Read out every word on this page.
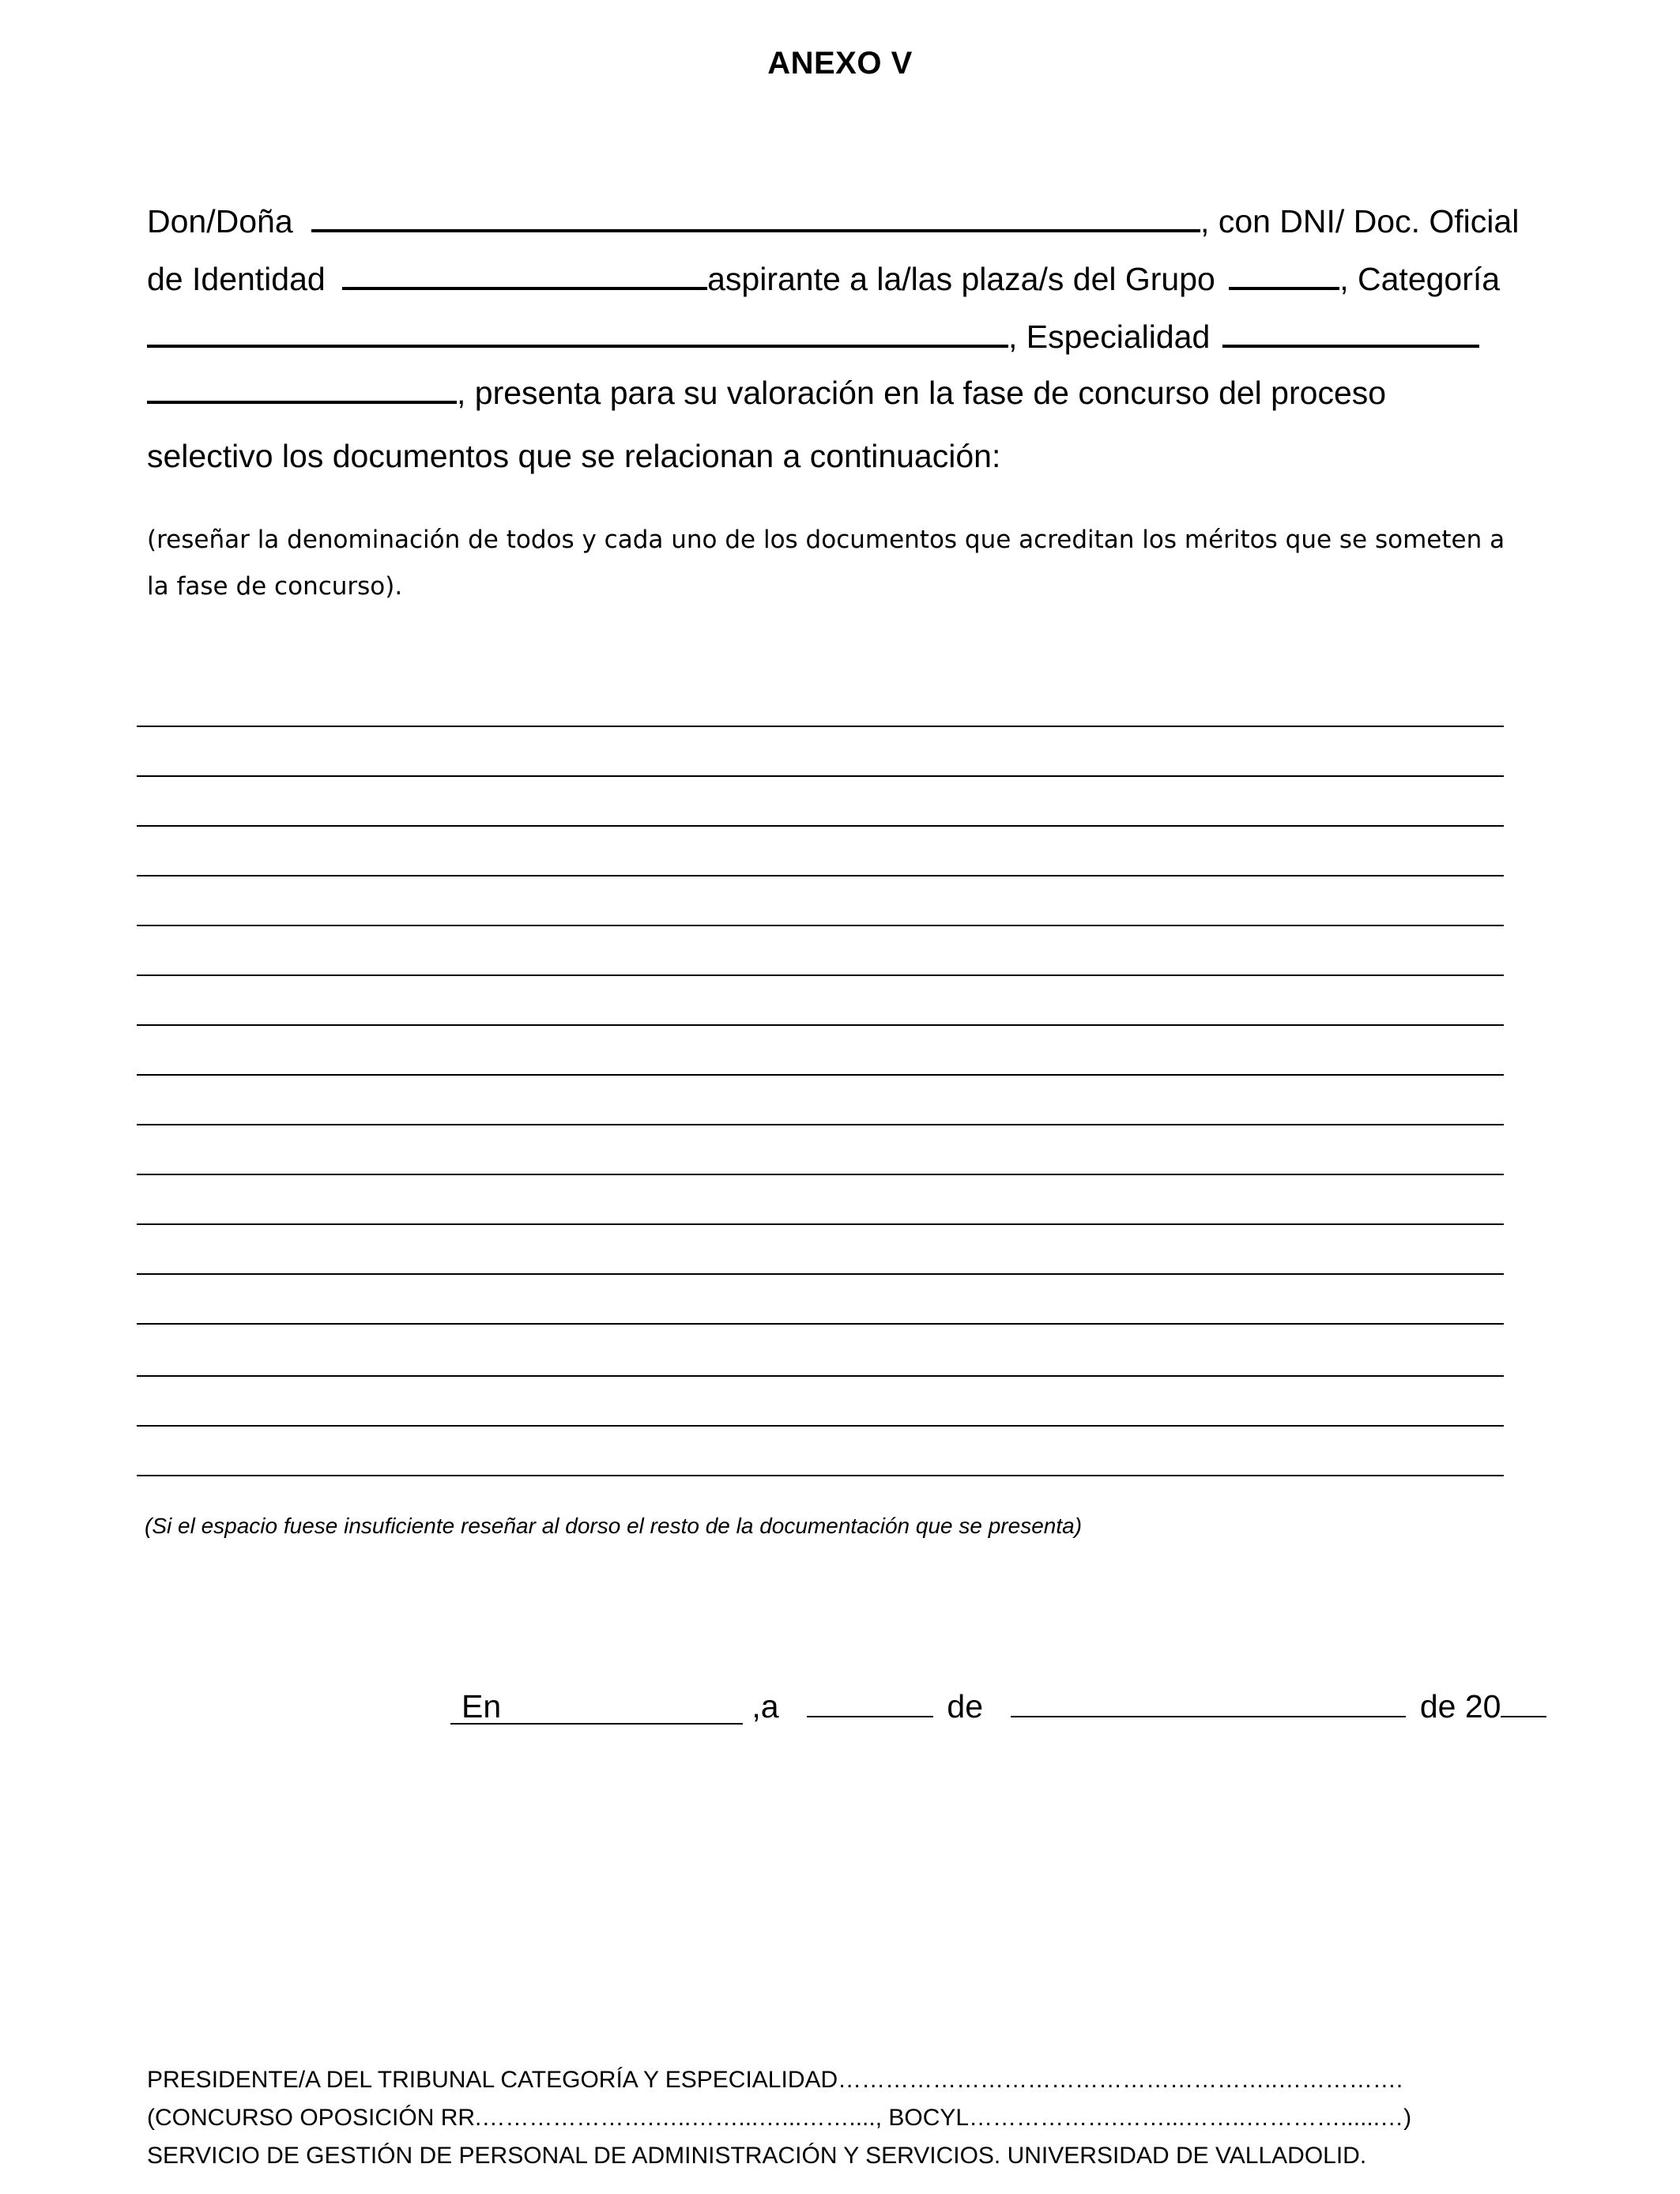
ANEXO V
Don/Doña	, con DNI/ Doc. Oficial
de Identidad	aspirante a la/las plaza/s del Grupo	, Categoría
, Especialidad
, presenta para su valoración en la fase de concurso del proceso
selectivo los documentos que se relacionan a continuación:
(reseñar la denominación de todos y cada uno de los documentos que acreditan los méritos que se someten a
la fase de concurso).
(Si el espacio fuese insuficiente reseñar al dorso el resto de la documentación que se presenta)
En	,a	de	de 20
PRESIDENTE/A DEL TRIBUNAL CATEGORÍA Y ESPECIALIDAD………………………………………………..…………….
(CONCURSO OPOSICIÓN RR.………………….…..……...…...……...., BOCYL……………….……...……..…………......…)
SERVICIO DE GESTIÓN DE PERSONAL DE ADMINISTRACIÓN Y SERVICIOS. UNIVERSIDAD DE VALLADOLID.
